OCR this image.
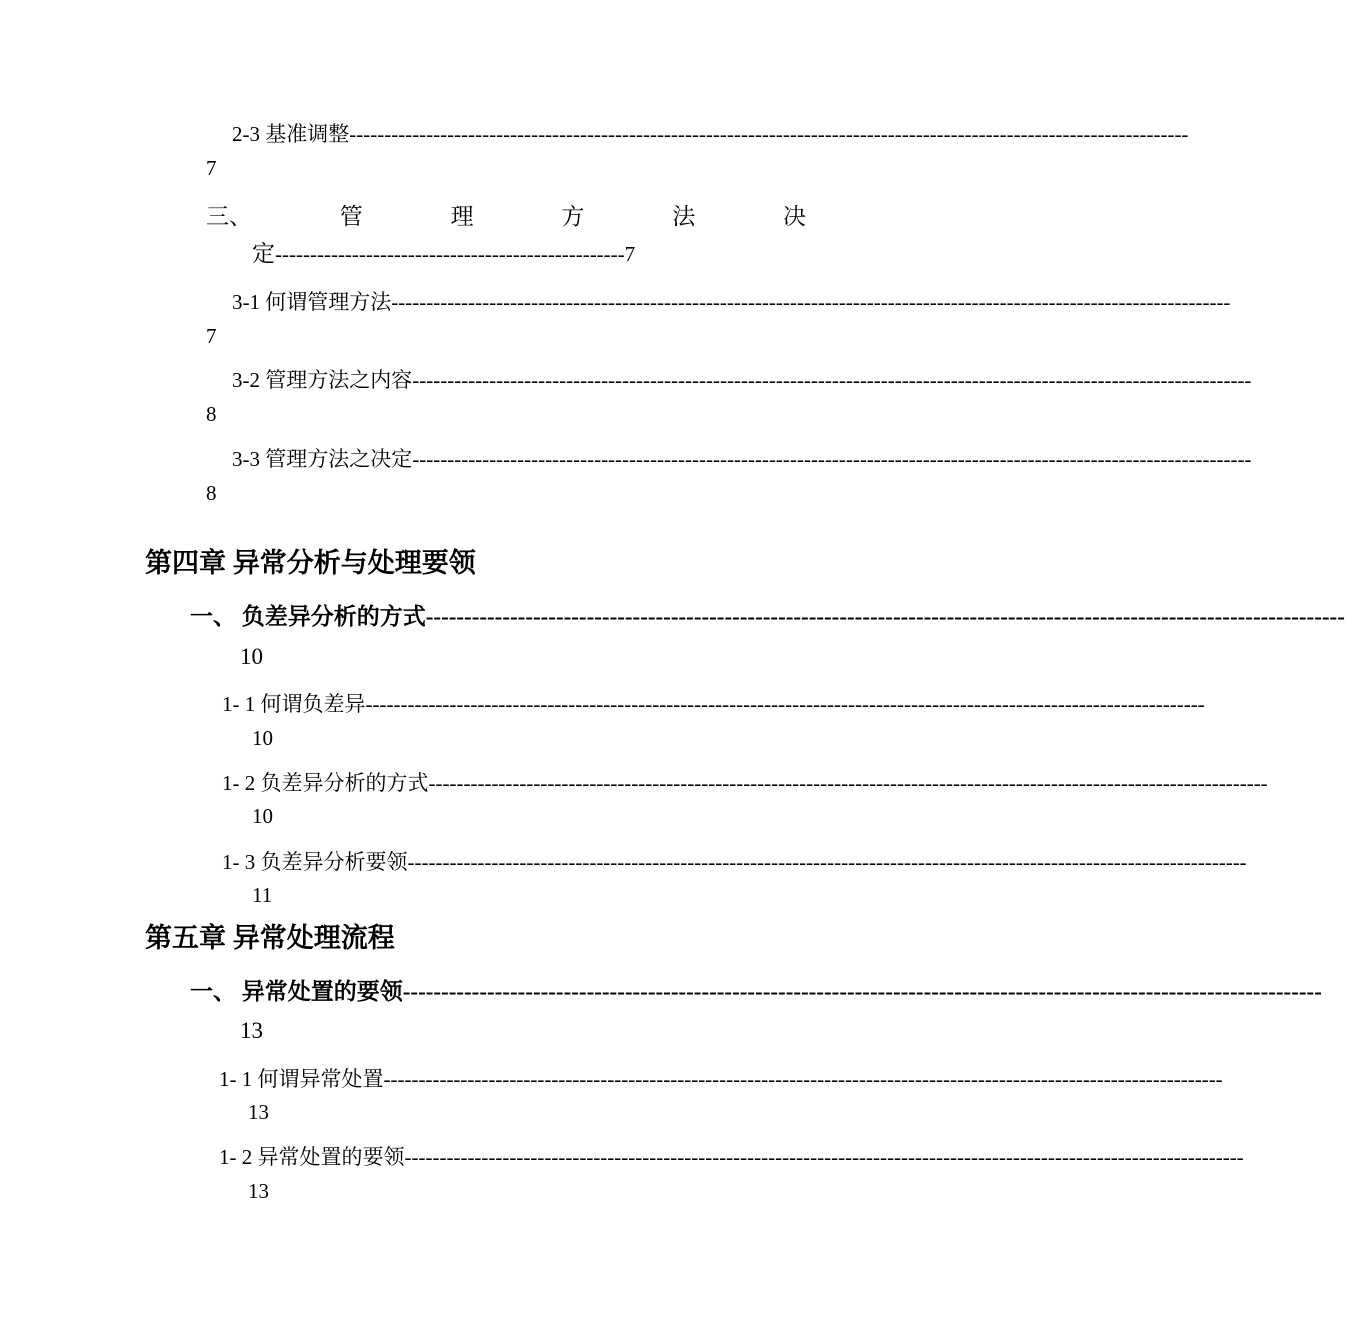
2-3 基准调整 ------------------------------------------------------------------------------------------------------------------------
7
三、	管	理	方	法	决
定--------------------------------------------------7
3-1 何谓管理方法 ------------------------------------------------------------------------------------------------------------------------
7
3-2 管理方法之内容 ------------------------------------------------------------------------------------------------------------------------
8
3-3 管理方法之决定 ------------------------------------------------------------------------------------------------------------------------
8
第四章 异常分析与处理要领
一、 负差异分析的方式 ------------------------------------------------------------------------------------------------------------------------
10
1- 1 何谓负差异 ------------------------------------------------------------------------------------------------------------------------
10
1- 2 负差异分析的方式 ------------------------------------------------------------------------------------------------------------------------
10
1- 3 负差异分析要领 ------------------------------------------------------------------------------------------------------------------------
11
第五章 异常处理流程
一、 异常处置的要领 ------------------------------------------------------------------------------------------------------------------------
13
1- 1 何谓异常处置 ------------------------------------------------------------------------------------------------------------------------
13
1- 2 异常处置的要领 ------------------------------------------------------------------------------------------------------------------------
13
